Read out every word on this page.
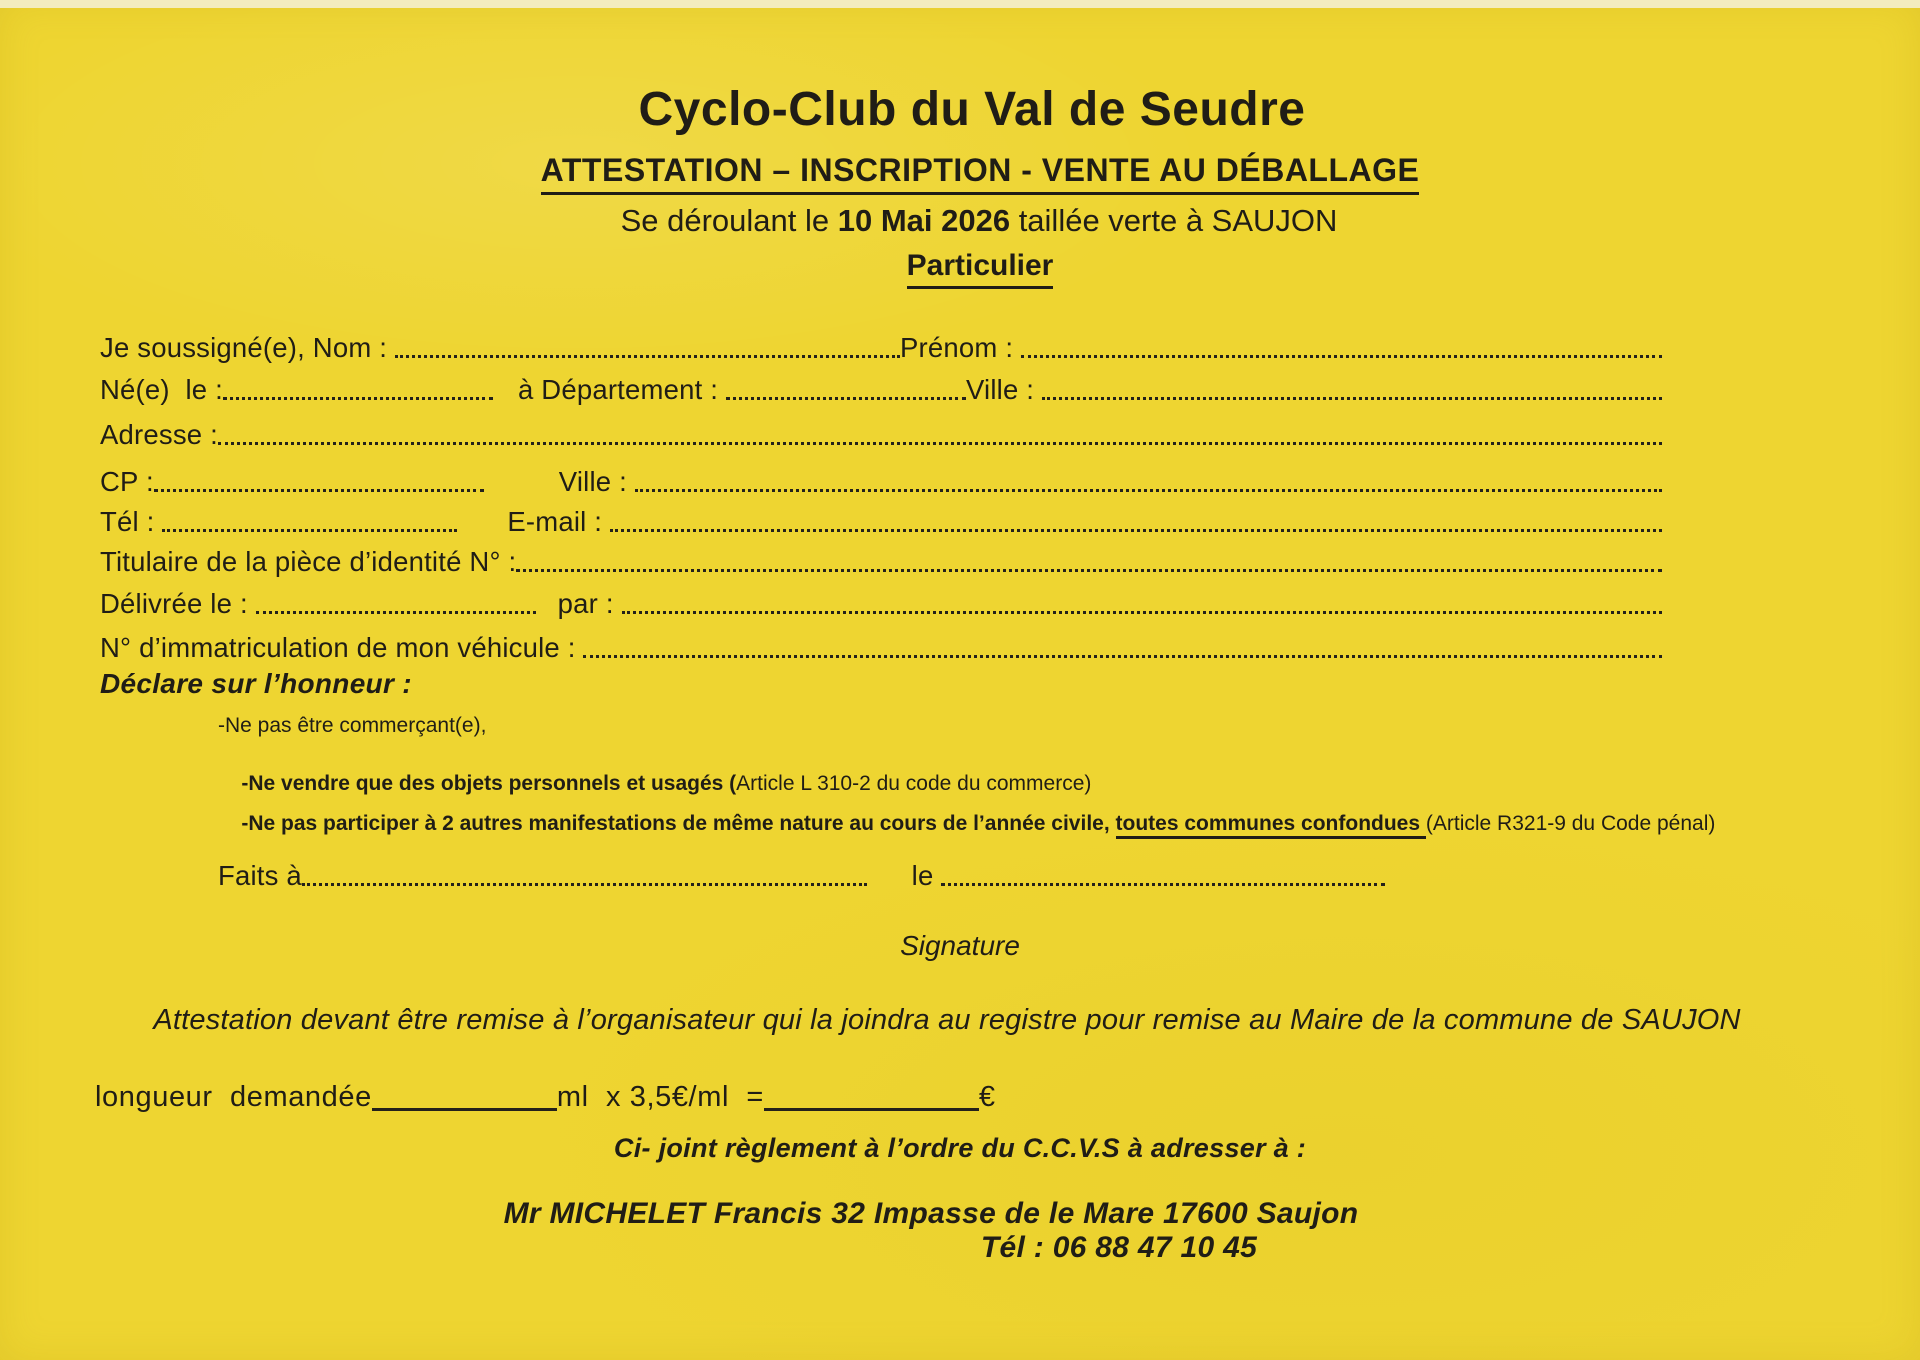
Cyclo-Club du Val de Seudre
ATTESTATION – INSCRIPTION - VENTE AU DÉBALLAGE
Se déroulant le 10 Mai 2026 taillée verte à SAUJON
Particulier
Je soussigné(e), Nom :	Prénom :
Né(e)  le :	à Département :	Ville :
Adresse :
CP :	Ville :
Tél :	E-mail :
Titulaire de la pièce d’identité N° :
Délivrée le :	par :
N° d’immatriculation de mon véhicule :
Déclare sur l’honneur :
-Ne pas être commerçant(e),

-Ne vendre que des objets personnels et usagés (Article L 310-2 du code du commerce)

-Ne pas participer à 2 autres manifestations de même nature au cours de l’année civile, toutes communes confondues (Article R321-9 du Code pénal)

Faits à	le
Signature
Attestation devant être remise à l’organisateur qui la joindra au registre pour remise au Maire de la commune de SAUJON
longueur  demandée	ml  x 3,5€/ml  =	€
Ci- joint règlement à l’ordre du C.C.V.S à adresser à :
Mr MICHELET Francis 32 Impasse de le Mare 17600 Saujon
Tél : 06 88 47 10 45
